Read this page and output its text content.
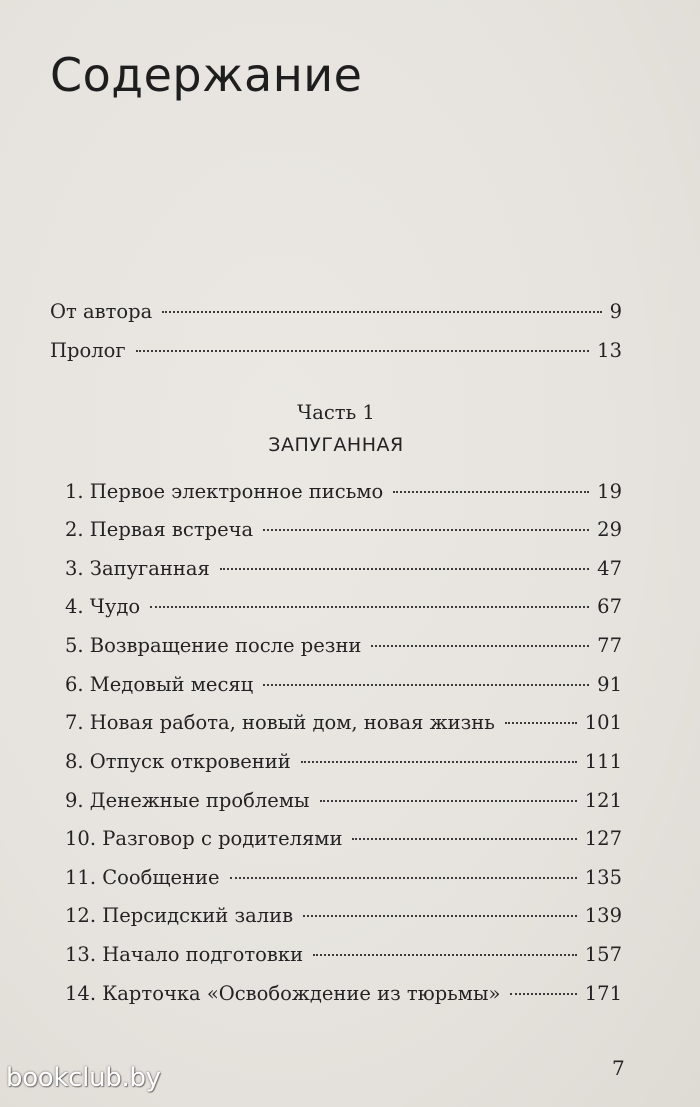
Содержание
От автора	9
Пролог	13
Часть 1
ЗАПУГАННАЯ
1. Первое электронное письмо	19
2. Первая встреча	29
3. Запуганная	47
4. Чудо	67
5. Возвращение после резни	77
6. Медовый месяц	91
7. Новая работа, новый дом, новая жизнь	101
8. Отпуск откровений	111
9. Денежные проблемы	121
10. Разговор с родителями	127
11. Сообщение	135
12. Персидский залив	139
13. Начало подготовки	157
14. Карточка «Освобождение из тюрьмы»	171
7
bookclub.by
